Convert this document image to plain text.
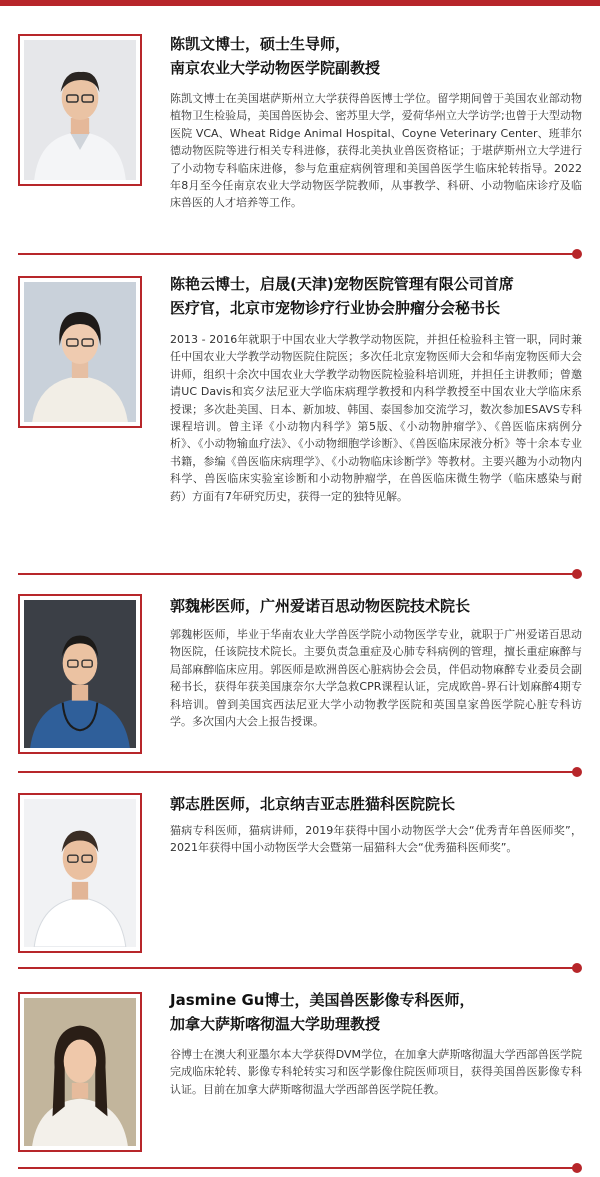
陈凯文博士，硕士生导师，
南京农业大学动物医学院副教授
陈凯文博士在美国堪萨斯州立大学获得兽医博士学位。留学期间曾于美国农业部动物植物卫生检验局，美国兽医协会、密苏里大学，爱荷华州立大学访学;也曾于大型动物医院 VCA、Wheat Ridge Animal Hospital、Coyne Veterinary Center、班菲尔德动物医院等进行相关专科进修，获得北美执业兽医资格证；于堪萨斯州立大学进行了小动物专科临床进修，参与危重症病例管理和美国兽医学生临床轮转指导。2022年8月至今任南京农业大学动物医学院教师，从事教学、科研、小动物临床诊疗及临床兽医的人才培养等工作。
陈艳云博士，启晟(天津)宠物医院管理有限公司首席
医疗官，北京市宠物诊疗行业协会肿瘤分会秘书长
2013 - 2016年就职于中国农业大学教学动物医院，并担任检验科主管一职，同时兼任中国农业大学教学动物医院住院医；多次任北京宠物医师大会和华南宠物医师大会讲师，组织十余次中国农业大学教学动物医院检验科培训班，并担任主讲教师；曾邀请UC Davis和宾夕法尼亚大学临床病理学教授和内科学教授至中国农业大学临床系授课；多次赴美国、日本、新加坡、韩国、泰国参加交流学习，数次参加ESAVS专科课程培训。曾主译《小动物内科学》第5版、《小动物肿瘤学》、《兽医临床病例分析》、《小动物输血疗法》、《小动物细胞学诊断》、《兽医临床尿液分析》等十余本专业书籍，参编《兽医临床病理学》、《小动物临床诊断学》等教材。主要兴趣为小动物内科学、兽医临床实验室诊断和小动物肿瘤学，在兽医临床微生物学（临床感染与耐药）方面有7年研究历史，获得一定的独特见解。
郭魏彬医师，广州爱诺百思动物医院技术院长
郭魏彬医师，毕业于华南农业大学兽医学院小动物医学专业，就职于广州爱诺百思动物医院，任该院技术院长。主要负责急重症及心肺专科病例的管理，擅长重症麻醉与局部麻醉临床应用。郭医师是欧洲兽医心脏病协会会员，伴侣动物麻醉专业委员会副秘书长，获得年获美国康奈尔大学急救CPR课程认证，完成欧兽-界石计划麻醉4期专科培训。曾到美国宾西法尼亚大学小动物教学医院和英国皇家兽医学院心脏专科访学。多次国内大会上报告授课。
郭志胜医师，北京纳吉亚志胜猫科医院院长
猫病专科医师，猫病讲师，2019年获得中国小动物医学大会“优秀青年兽医师奖”，2021年获得中国小动物医学大会暨第一届猫科大会“优秀猫科医师奖”。
Jasmine Gu博士，美国兽医影像专科医师，
加拿大萨斯喀彻温大学助理教授
谷博士在澳大利亚墨尔本大学获得DVM学位，在加拿大萨斯喀彻温大学西部兽医学院完成临床轮转、影像专科轮转实习和医学影像住院医师项目，获得美国兽医影像专科认证。目前在加拿大萨斯喀彻温大学西部兽医学院任教。
